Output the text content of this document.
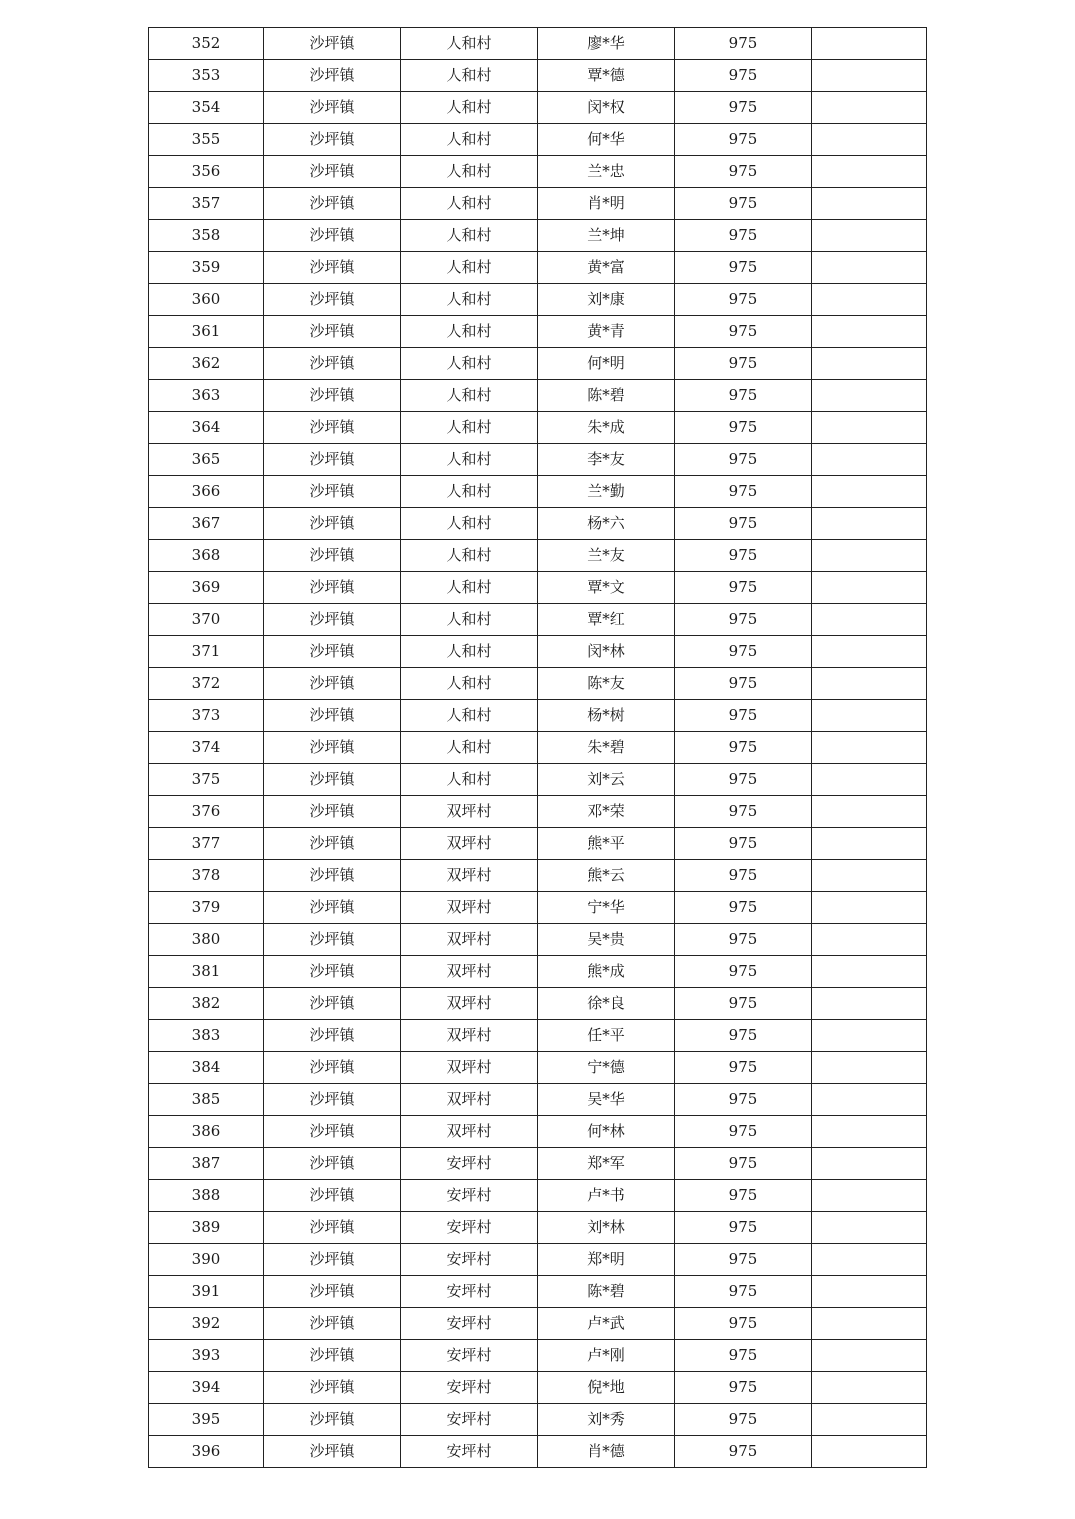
352	沙坪镇	人和村	廖*华	975	
353	沙坪镇	人和村	覃*德	975	
354	沙坪镇	人和村	闵*权	975	
355	沙坪镇	人和村	何*华	975	
356	沙坪镇	人和村	兰*忠	975	
357	沙坪镇	人和村	肖*明	975	
358	沙坪镇	人和村	兰*坤	975	
359	沙坪镇	人和村	黄*富	975	
360	沙坪镇	人和村	刘*康	975	
361	沙坪镇	人和村	黄*青	975	
362	沙坪镇	人和村	何*明	975	
363	沙坪镇	人和村	陈*碧	975	
364	沙坪镇	人和村	朱*成	975	
365	沙坪镇	人和村	李*友	975	
366	沙坪镇	人和村	兰*勤	975	
367	沙坪镇	人和村	杨*六	975	
368	沙坪镇	人和村	兰*友	975	
369	沙坪镇	人和村	覃*文	975	
370	沙坪镇	人和村	覃*红	975	
371	沙坪镇	人和村	闵*林	975	
372	沙坪镇	人和村	陈*友	975	
373	沙坪镇	人和村	杨*树	975	
374	沙坪镇	人和村	朱*碧	975	
375	沙坪镇	人和村	刘*云	975	
376	沙坪镇	双坪村	邓*荣	975	
377	沙坪镇	双坪村	熊*平	975	
378	沙坪镇	双坪村	熊*云	975	
379	沙坪镇	双坪村	宁*华	975	
380	沙坪镇	双坪村	吴*贵	975	
381	沙坪镇	双坪村	熊*成	975	
382	沙坪镇	双坪村	徐*良	975	
383	沙坪镇	双坪村	任*平	975	
384	沙坪镇	双坪村	宁*德	975	
385	沙坪镇	双坪村	吴*华	975	
386	沙坪镇	双坪村	何*林	975	
387	沙坪镇	安坪村	郑*军	975	
388	沙坪镇	安坪村	卢*书	975	
389	沙坪镇	安坪村	刘*林	975	
390	沙坪镇	安坪村	郑*明	975	
391	沙坪镇	安坪村	陈*碧	975	
392	沙坪镇	安坪村	卢*武	975	
393	沙坪镇	安坪村	卢*刚	975	
394	沙坪镇	安坪村	倪*地	975	
395	沙坪镇	安坪村	刘*秀	975	
396	沙坪镇	安坪村	肖*德	975	
